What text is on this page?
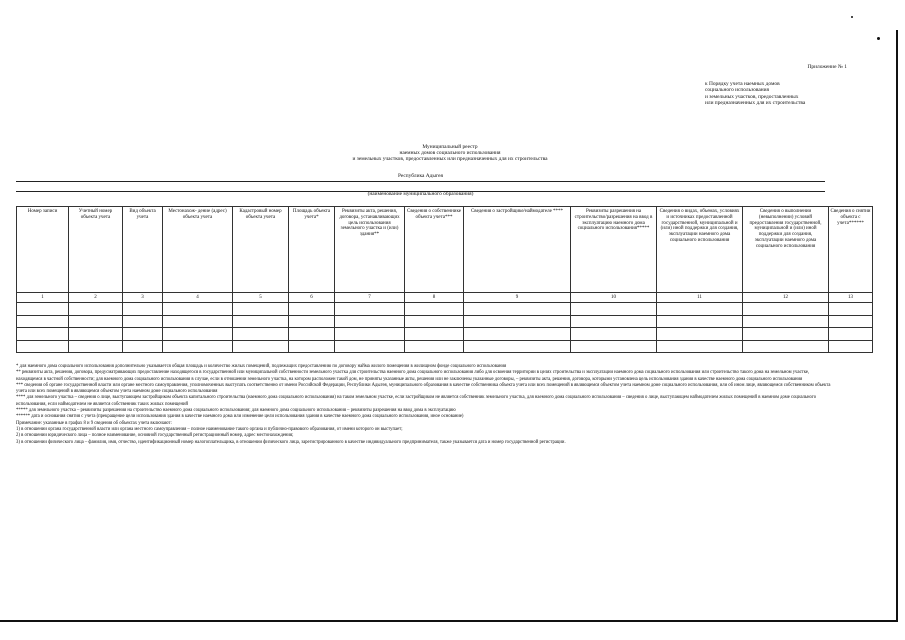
Приложение № 1
к Порядку учета наемных домов
социального использования
и земельных участков, предоставленных
или предназначенных для их строительства
Муниципальный реестр
наемных домов социального использования
и земельных участков, предоставленных или предназначенных для их строительства
Республика Адыгея
(наименование муниципального образования)
Номер записи	Учетный номер объекта учета	Вид объекта учета	Местонахож- дение (адрес) объекта учета	Кадастровый номер объекта учета	Площадь объекта учета*	Реквизиты акта, решения, договора, устанавливающих цель использования земельного участка и (или) здания**	Сведения о собственнике объекта учета***	Сведения о застройщике/наймодателе ****	Реквизиты разрешения на строительство/разрешения на ввод в эксплуатацию наемного дома социального использования*****	Сведения о видах, объемах, условиях и источниках предоставленной государственной, муниципальной и (или) иной поддержки для создания, эксплуатации наемного дома социального использования	Сведения о выполнении (невыполнении) условий предоставления государственной, муниципальной и (или) иной поддержки для создания, эксплуатации наемного дома социального использования	Сведения о снятии объекта с учета******
1	2	3	4	5	6	7	8	9	10	11	12	13

* для наемного дома социального использования дополнительно указывается общая площадь и количество жилых помещений, подлежащих предоставлению по договору найма жилого помещения в жилищном фонде социального использования

** реквизиты акта, решения, договора, предусматривающих предоставление находящегося в государственной или муниципальной собственности земельного участка для строительства наемного дома социального использования либо для освоения территории в целях строительства и эксплуатации наемного дома социального использования или строительство такого дома на земельном участке, находящемся в частной собственности; для наемного дома социального использования в случае, если в отношении земельного участка, на котором расположен такой дом, не приняты указанные акты, решения или не заключены указанные договоры, – реквизиты акта, решения, договора, которыми установлена цель использования здания в качестве наемного дома социального использования

*** сведения об органе государственной власти или органе местного самоуправления, уполномоченных выступать соответственно от имени Российской Федерации, Республики Адыгея, муниципального образования в качестве собственника объекта учета или всех помещений в являющемся объектом учета наемном доме социального использования, или об ином лице, являющемся собственником объекта учета или всех помещений в являющемся объектом учета наемном доме социального использования

**** для земельного участка – сведения о лице, выступающем застройщиком объекта капитального строительства (наемного дома социального использования) на таком земельном участке, если застройщиком не является собственник земельного участка, для наемного дома социального использования – сведения о лице, выступающем наймодателем жилых помещений в наемном доме социального использования, если наймодателем не является собственник таких жилых помещений

***** для земельного участка – реквизиты разрешения на строительство наемного дома социального использования; для наемного дома социального использования – реквизиты разрешения на ввод дома в эксплуатацию

****** дата и основания снятия с учета (прекращение цели использования здания в качестве наемного дома или изменение цели использования здания в качестве наемного дома социального использования, иное основание)

Примечание: указанные в графах 8 и 9 сведения об объектах учета включают:

1) в отношении органа государственной власти или органа местного самоуправления – полное наименование такого органа и публично-правового образования, от имени которого он выступает;

2) в отношении юридического лица – полное наименование, основной государственный регистрационный номер, адрес местонахождения;

3) в отношении физического лица – фамилия, имя, отчество, идентификационный номер налогоплательщика, в отношении физического лица, зарегистрированного в качестве индивидуального предпринимателя, также указывается дата и номер государственной регистрации.
